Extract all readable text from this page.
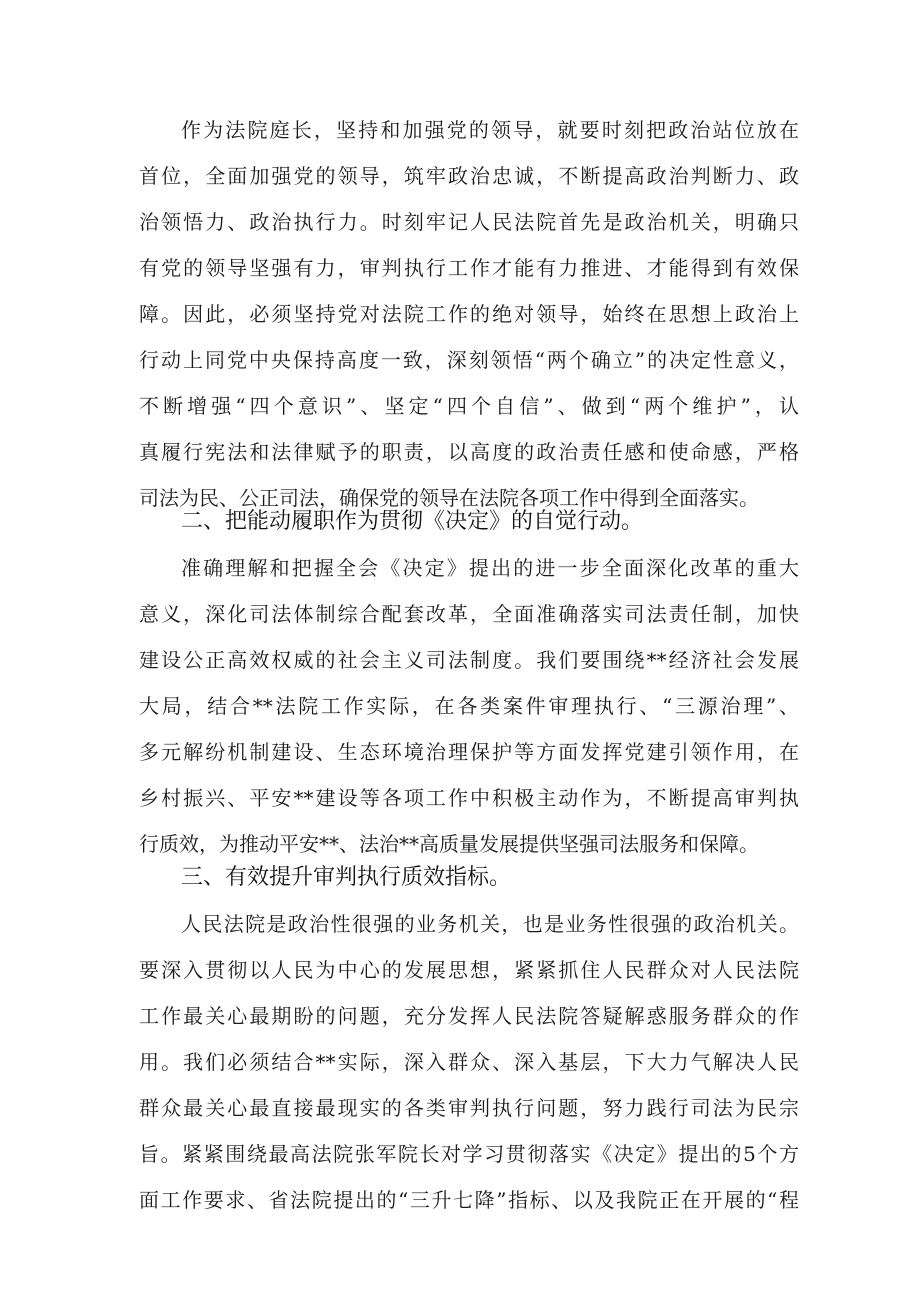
作为法院庭长，坚持和加强党的领导，就要时刻把政治站位放在
首位，全面加强党的领导，筑牢政治忠诚，不断提高政治判断力、政
治领悟力、政治执行力。时刻牢记人民法院首先是政治机关，明确只
有党的领导坚强有力，审判执行工作才能有力推进、才能得到有效保
障。因此，必须坚持党对法院工作的绝对领导，始终在思想上政治上
行动上同党中央保持高度一致，深刻领悟“两个确立”的决定性意义，
不断增强“四个意识”、坚定“四个自信”、做到“两个维护”，认
真履行宪法和法律赋予的职责，以高度的政治责任感和使命感，严格
司法为民、公正司法，确保党的领导在法院各项工作中得到全面落实。
二、把能动履职作为贯彻《决定》的自觉行动。
准确理解和把握全会《决定》提出的进一步全面深化改革的重大
意义，深化司法体制综合配套改革，全面准确落实司法责任制，加快
建设公正高效权威的社会主义司法制度。我们要围绕**经济社会发展
大局，结合**法院工作实际，在各类案件审理执行、“三源治理”、
多元解纷机制建设、生态环境治理保护等方面发挥党建引领作用，在
乡村振兴、平安**建设等各项工作中积极主动作为，不断提高审判执
行质效，为推动平安**、法治**高质量发展提供坚强司法服务和保障。
三、有效提升审判执行质效指标。
人民法院是政治性很强的业务机关，也是业务性很强的政治机关。
要深入贯彻以人民为中心的发展思想，紧紧抓住人民群众对人民法院
工作最关心最期盼的问题，充分发挥人民法院答疑解惑服务群众的作
用。我们必须结合**实际，深入群众、深入基层，下大力气解决人民
群众最关心最直接最现实的各类审判执行问题，努力践行司法为民宗
旨。紧紧围绕最高法院张军院长对学习贯彻落实《决定》提出的5个方
面工作要求、省法院提出的“三升七降”指标、以及我院正在开展的“程
